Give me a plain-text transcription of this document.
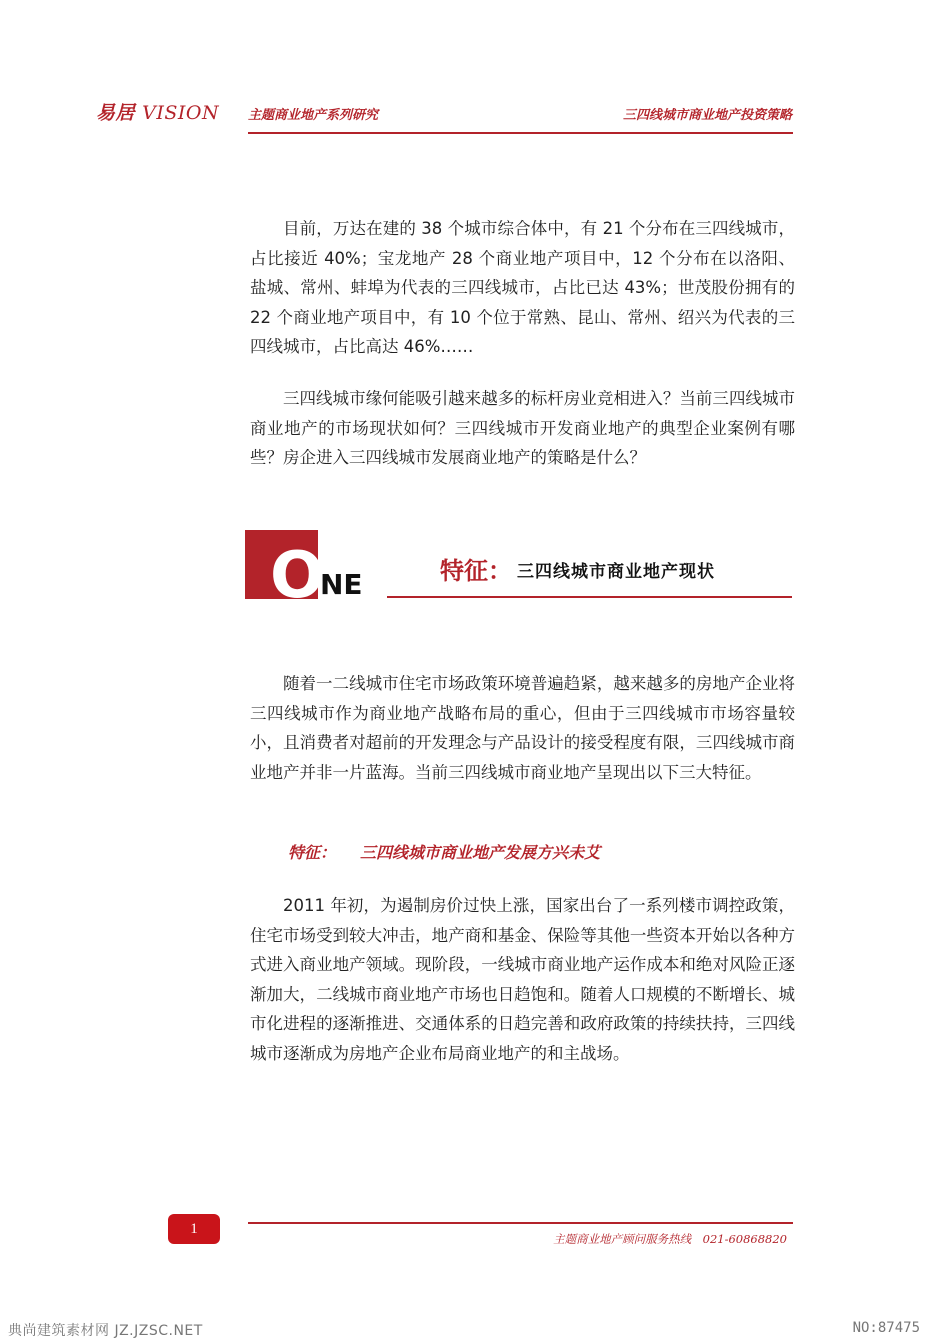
易居 VISION 主题商业地产系列研究	三四线城市商业地产投资策略

目前，万达在建的 38 个城市综合体中，有 21 个分布在三四线城市，占比接近 40%；宝龙地产 28 个商业地产项目中，12 个分布在以洛阳、盐城、常州、蚌埠为代表的三四线城市，占比已达 43%；世茂股份拥有的 22 个商业地产项目中，有 10 个位于常熟、昆山、常州、绍兴为代表的三四线城市，占比高达 46%……

三四线城市缘何能吸引越来越多的标杆房业竞相进入？当前三四线城市商业地产的市场现状如何？三四线城市开发商业地产的典型企业案例有哪些？房企进入三四线城市发展商业地产的策略是什么？

O
NE	特征： 三四线城市商业地产现状

随着一二线城市住宅市场政策环境普遍趋紧，越来越多的房地产企业将三四线城市作为商业地产战略布局的重心，但由于三四线城市市场容量较小，且消费者对超前的开发理念与产品设计的接受程度有限，三四线城市商业地产并非一片蓝海。当前三四线城市商业地产呈现出以下三大特征。

特征： 三四线城市商业地产发展方兴未艾

2011 年初，为遏制房价过快上涨，国家出台了一系列楼市调控政策，住宅市场受到较大冲击，地产商和基金、保险等其他一些资本开始以各种方式进入商业地产领域。现阶段，一线城市商业地产运作成本和绝对风险正逐渐加大，二线城市商业地产市场也日趋饱和。随着人口规模的不断增长、城市化进程的逐渐推进、交通体系的日趋完善和政府政策的持续扶持，三四线城市逐渐成为房地产企业布局商业地产的和主战场。

1
主题商业地产顾问服务热线　021-60868820
典尚建筑素材网 JZ.JZSC.NET	NO:87475
